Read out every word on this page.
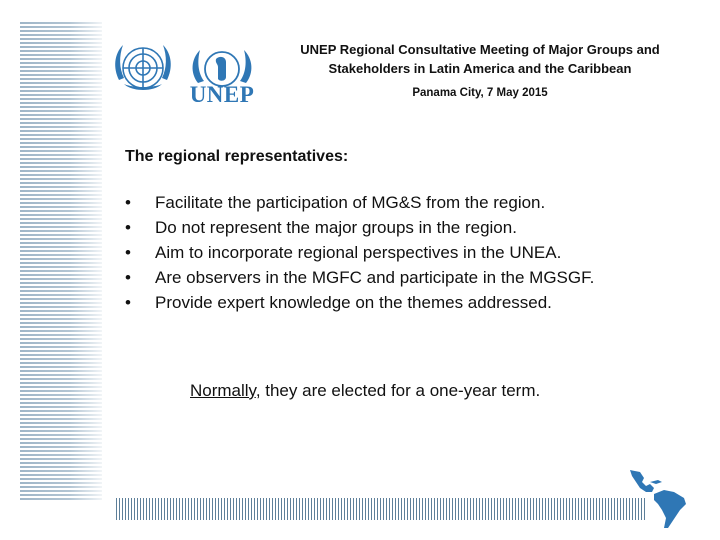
UNEP
UNEP Regional Consultative Meeting of Major Groups and
Stakeholders in Latin America and the Caribbean
Panama City, 7 May 2015
The regional representatives:
•	Facilitate the participation of MG&S from the region.
•	Do not represent the major groups in the region.
•	Aim to incorporate regional perspectives in the UNEA.
•	Are observers in the MGFC and participate in the MGSGF.
•	Provide expert knowledge on the themes addressed.
Normally, they are elected for a one-year term.
